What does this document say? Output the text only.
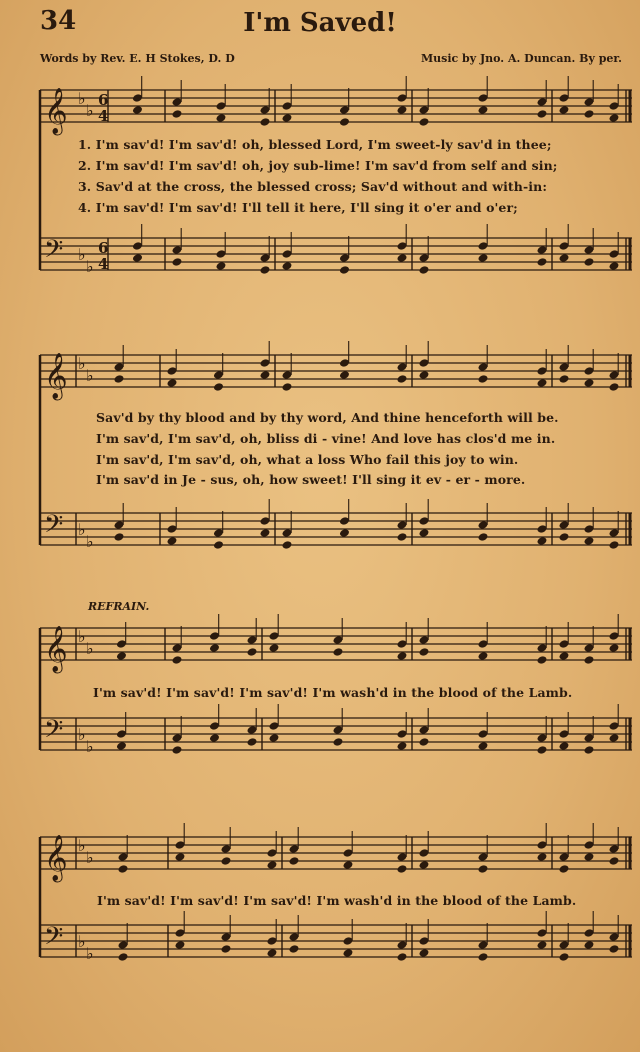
34	I'm Saved!
Words by Rev. E. H Stokes, D. D	Music by Jno. A. Duncan. By per.
𝄞 ♭
♭
6
4
𝄢 ♭
♭
6
4
𝄞 ♭
♭
𝄢 ♭
♭
𝄞 ♭
♭
𝄢 ♭
♭
𝄞 ♭
♭
𝄢 ♭
♭
1. I'm sav'd! I'm sav'd! oh, blessed Lord, I'm sweet-ly sav'd in thee;
2. I'm sav'd! I'm sav'd! oh, joy sub-lime! I'm sav'd from self and sin;
3. Sav'd at the cross, the blessed cross; Sav'd without and with-in:
4. I'm sav'd! I'm sav'd! I'll tell it here, I'll sing it o'er and o'er;
Sav'd by thy blood and by thy word, And thine henceforth will be.
I'm sav'd, I'm sav'd, oh, bliss di - vine! And love has clos'd me in.
I'm sav'd, I'm sav'd, oh, what a loss Who fail this joy to win.
I'm sav'd in Je - sus, oh, how sweet! I'll sing it ev - er - more.
REFRAIN.
I'm sav'd! I'm sav'd! I'm sav'd! I'm wash'd in the blood of the Lamb.
I'm sav'd! I'm sav'd! I'm sav'd! I'm wash'd in the blood of the Lamb.
